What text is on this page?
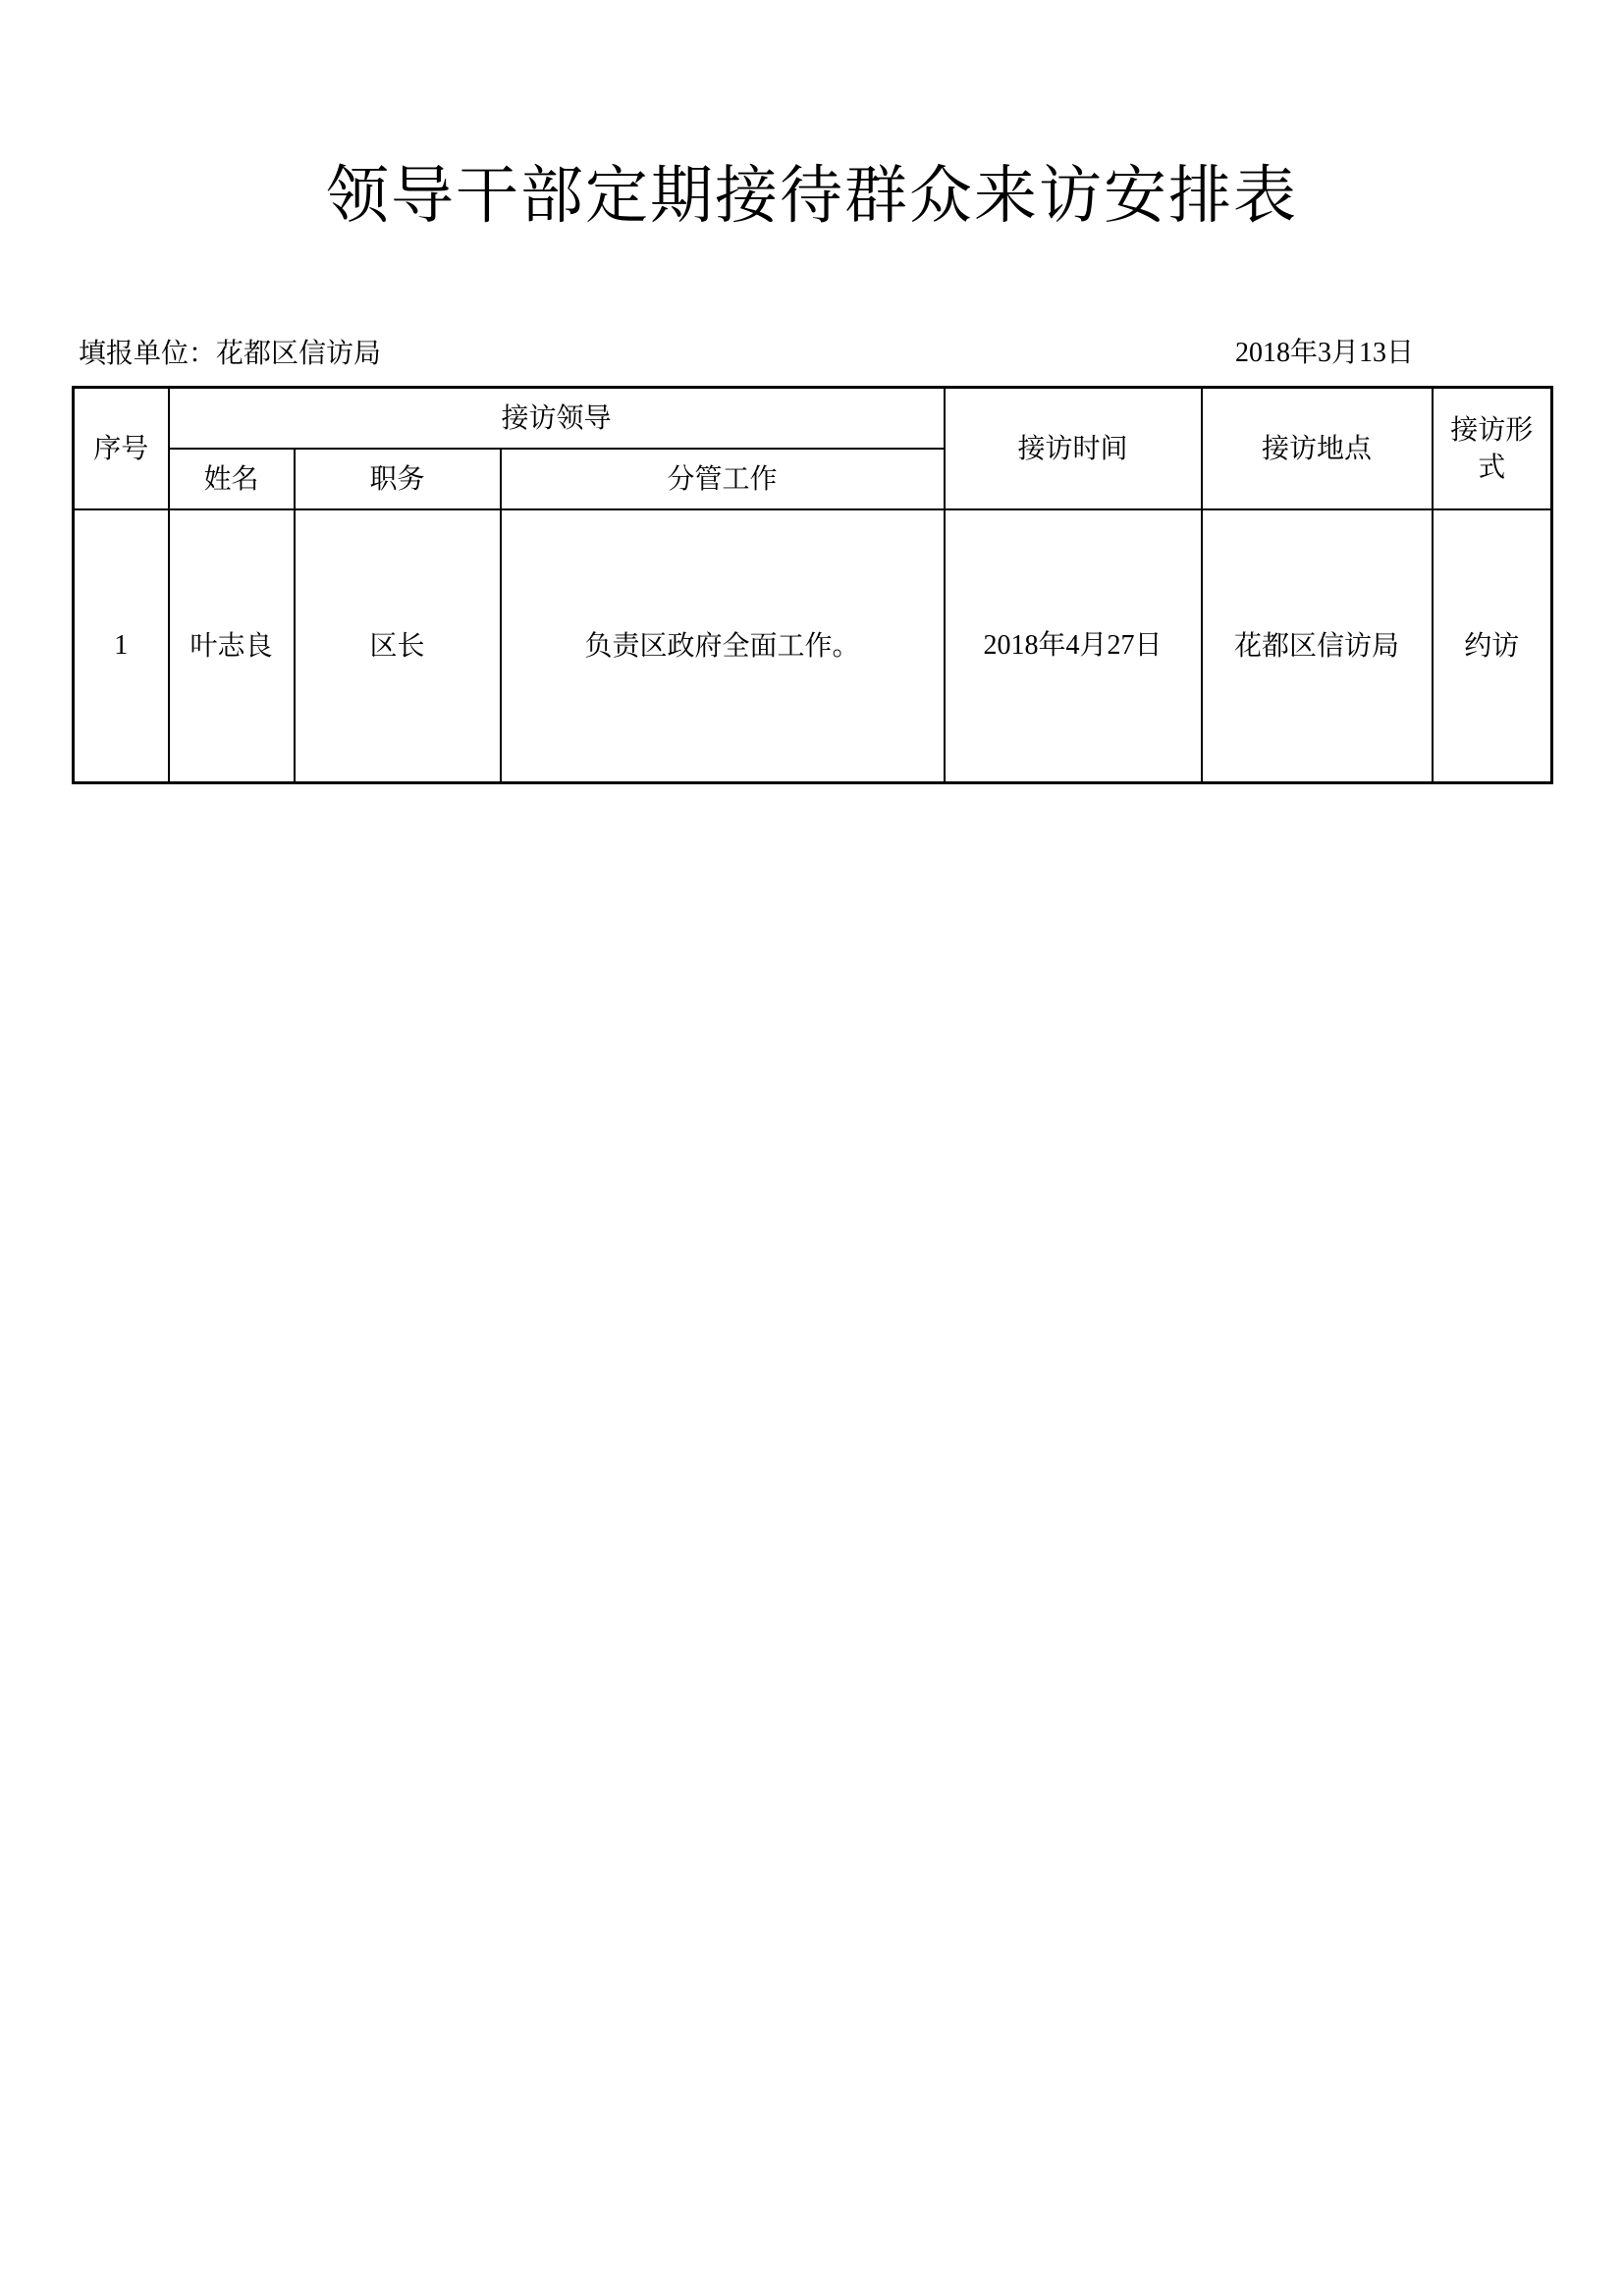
领导干部定期接待群众来访安排表
填报单位：花都区信访局	2018年3月13日
序号	接访领导			接访时间	接访地点	接访形式
	姓名	职务	分管工作			
1	叶志良	区长	负责区政府全面工作。	2018年4月27日	花都区信访局	约访
